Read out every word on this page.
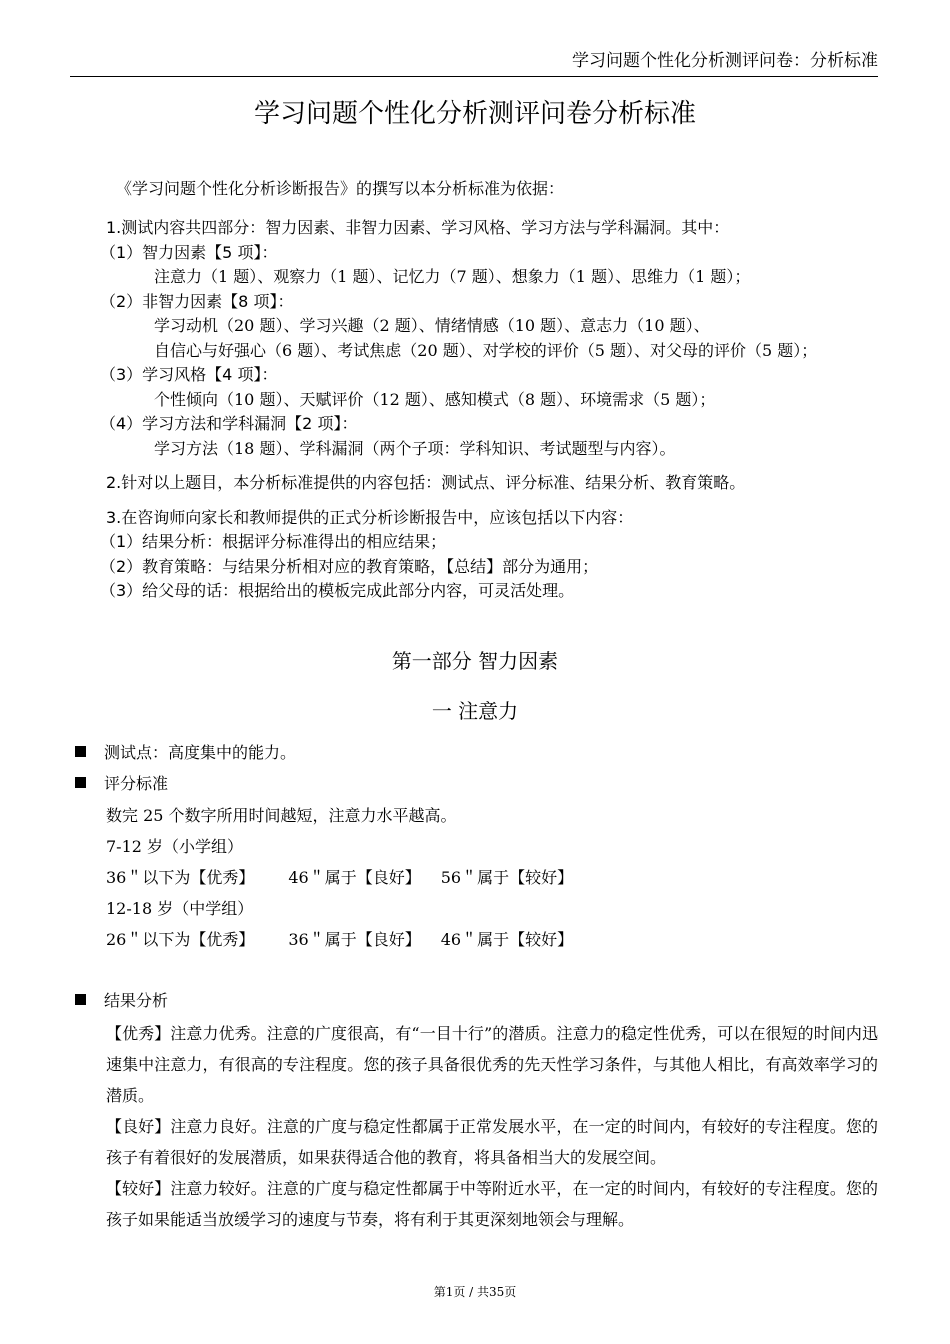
学习问题个性化分析测评问卷：分析标准
学习问题个性化分析测评问卷分析标准
《学习问题个性化分析诊断报告》的撰写以本分析标准为依据：
1.测试内容共四部分：智力因素、非智力因素、学习风格、学习方法与学科漏洞。其中：
（1）智力因素【5 项】：
注意力（1 题）、观察力（1 题）、记忆力（7 题）、想象力（1 题）、思维力（1 题）；
（2）非智力因素【8 项】：
学习动机（20 题）、学习兴趣（2 题）、情绪情感（10 题）、意志力（10 题）、
自信心与好强心（6 题）、考试焦虑（20 题）、对学校的评价（5 题）、对父母的评价（5 题）；
（3）学习风格【4 项】：
个性倾向（10 题）、天赋评价（12 题）、感知模式（8 题）、环境需求（5 题）；
（4）学习方法和学科漏洞【2 项】：
学习方法（18 题）、学科漏洞（两个子项：学科知识、考试题型与内容）。
2.针对以上题目，本分析标准提供的内容包括：测试点、评分标准、结果分析、教育策略。
3.在咨询师向家长和教师提供的正式分析诊断报告中，应该包括以下内容：
（1）结果分析：根据评分标准得出的相应结果；
（2）教育策略：与结果分析相对应的教育策略，【总结】部分为通用；
（3）给父母的话：根据给出的模板完成此部分内容，可灵活处理。
第一部分 智力因素
一 注意力
测试点：高度集中的能力。
评分标准

数完 25 个数字所用时间越短，注意力水平越高。

7-12 岁（小学组）

36＂以下为【优秀】 46＂属于【良好】 56＂属于【较好】

12-18 岁（中学组）

26＂以下为【优秀】 36＂属于【良好】 46＂属于【较好】

结果分析

【优秀】注意力优秀。注意的广度很高，有“一目十行”的潜质。注意力的稳定性优秀，可以在很短的时间内迅速集中注意力，有很高的专注程度。您的孩子具备很优秀的先天性学习条件，与其他人相比，有高效率学习的潜质。

【良好】注意力良好。注意的广度与稳定性都属于正常发展水平，在一定的时间内，有较好的专注程度。您的孩子有着很好的发展潜质，如果获得适合他的教育，将具备相当大的发展空间。

【较好】注意力较好。注意的广度与稳定性都属于中等附近水平，在一定的时间内，有较好的专注程度。您的孩子如果能适当放缓学习的速度与节奏，将有利于其更深刻地领会与理解。

第1页 / 共35页
